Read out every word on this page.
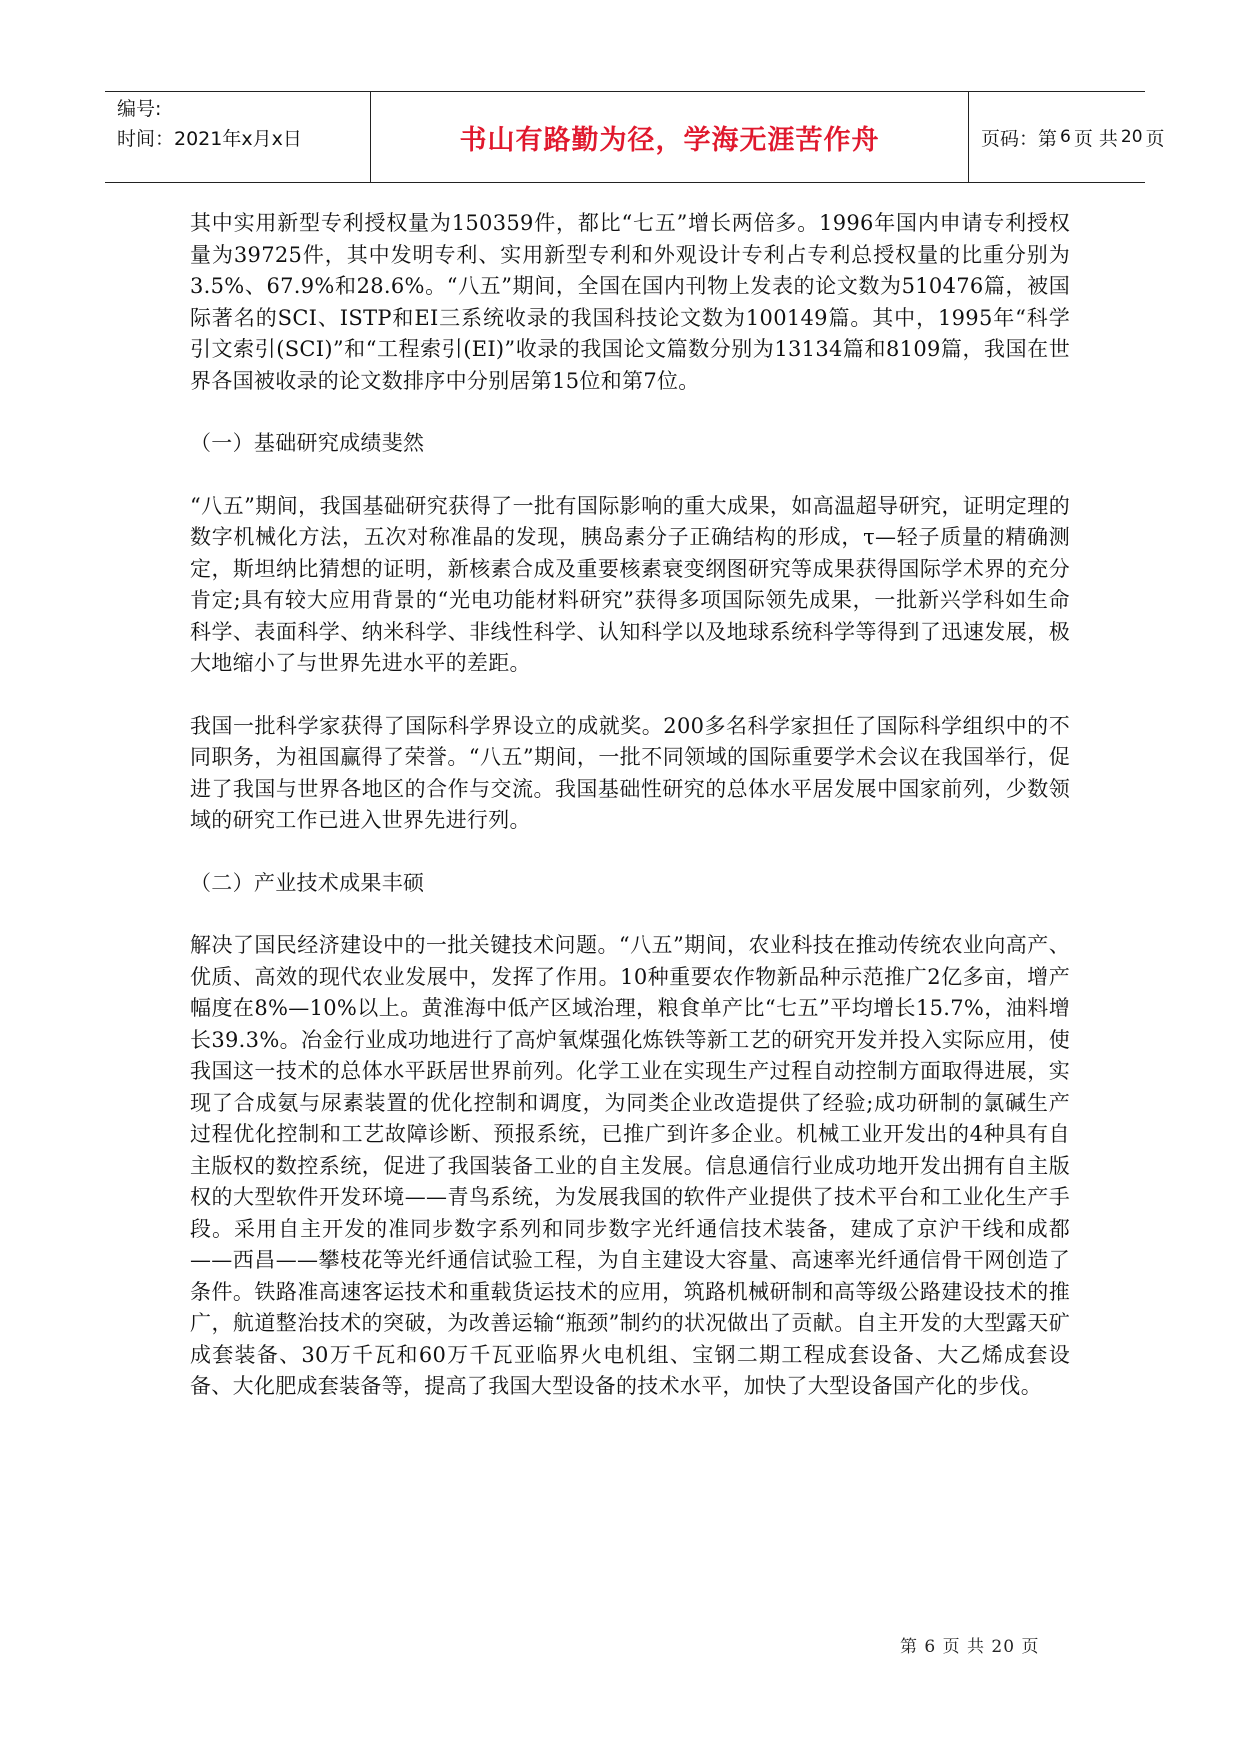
编号:
时间：2021年x月x日	书山有路勤为径，学海无涯苦作舟	页码：第 6 页 共 20 页

其中实用新型专利授权量为150359件，都比“七五”增长两倍多。1996年国内申请专利授权量为39725件，其中发明专利、实用新型专利和外观设计专利占专利总授权量的比重分别为3.5%、67.9%和28.6%。“八五”期间，全国在国内刊物上发表的论文数为510476篇，被国际著名的SCI、ISTP和EI三系统收录的我国科技论文数为100149篇。其中，1995年“科学引文索引(SCI)”和“工程索引(EI)”收录的我国论文篇数分别为13134篇和8109篇，我国在世界各国被收录的论文数排序中分别居第15位和第7位。

（一）基础研究成绩斐然

“八五”期间，我国基础研究获得了一批有国际影响的重大成果，如高温超导研究，证明定理的数字机械化方法，五次对称准晶的发现，胰岛素分子正确结构的形成，τ—轻子质量的精确测定，斯坦纳比猜想的证明，新核素合成及重要核素衰变纲图研究等成果获得国际学术界的充分肯定;具有较大应用背景的“光电功能材料研究”获得多项国际领先成果，一批新兴学科如生命科学、表面科学、纳米科学、非线性科学、认知科学以及地球系统科学等得到了迅速发展，极大地缩小了与世界先进水平的差距。

我国一批科学家获得了国际科学界设立的成就奖。200多名科学家担任了国际科学组织中的不同职务，为祖国赢得了荣誉。“八五”期间，一批不同领域的国际重要学术会议在我国举行，促进了我国与世界各地区的合作与交流。我国基础性研究的总体水平居发展中国家前列，少数领域的研究工作已进入世界先进行列。

（二）产业技术成果丰硕

解决了国民经济建设中的一批关键技术问题。“八五”期间，农业科技在推动传统农业向高产、优质、高效的现代农业发展中，发挥了作用。10种重要农作物新品种示范推广2亿多亩，增产幅度在8%—10%以上。黄淮海中低产区域治理，粮食单产比“七五”平均增长15.7%，油料增长39.3%。冶金行业成功地进行了高炉氧煤强化炼铁等新工艺的研究开发并投入实际应用，使我国这一技术的总体水平跃居世界前列。化学工业在实现生产过程自动控制方面取得进展，实现了合成氨与尿素装置的优化控制和调度，为同类企业改造提供了经验;成功研制的氯碱生产过程优化控制和工艺故障诊断、预报系统，已推广到许多企业。机械工业开发出的4种具有自主版权的数控系统，促进了我国装备工业的自主发展。信息通信行业成功地开发出拥有自主版权的大型软件开发环境——青鸟系统，为发展我国的软件产业提供了技术平台和工业化生产手段。采用自主开发的准同步数字系列和同步数字光纤通信技术装备，建成了京沪干线和成都——西昌——攀枝花等光纤通信试验工程，为自主建设大容量、高速率光纤通信骨干网创造了条件。铁路准高速客运技术和重载货运技术的应用，筑路机械研制和高等级公路建设技术的推广，航道整治技术的突破，为改善运输“瓶颈”制约的状况做出了贡献。自主开发的大型露天矿成套装备、30万千瓦和60万千瓦亚临界火电机组、宝钢二期工程成套设备、大乙烯成套设备、大化肥成套装备等，提高了我国大型设备的技术水平，加快了大型设备国产化的步伐。

第 6 页 共 20 页
